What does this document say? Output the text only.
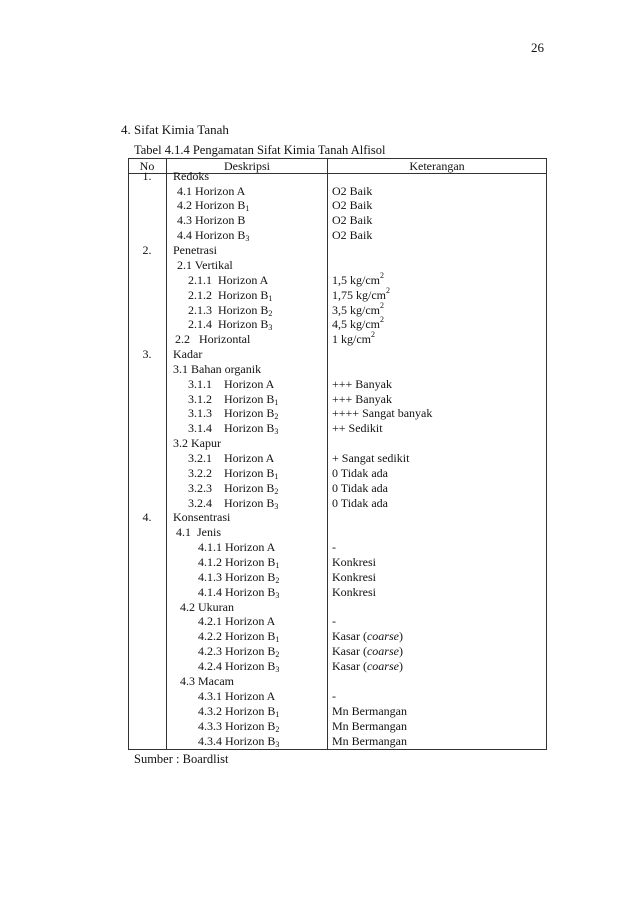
26
4. Sifat Kimia Tanah
Tabel 4.1.4 Pengamatan Sifat Kimia Tanah Alfisol
No	Deskripsi	Keterangan
1.	Redoks
4.1 Horizon A	O2 Baik
4.2 Horizon $B_1$	O2 Baik
4.3 Horizon B	O2 Baik
4.4 Horizon $B_3$	O2 Baik
2.	Penetrasi
2.1 Vertikal
2.1.1  Horizon A	1,5 $kg/cm^2$
2.1.2  Horizon $B_1$	1,75 $kg/cm^2$
2.1.3  Horizon $B_2$	3,5 $kg/cm^2$
2.1.4  Horizon $B_3$	4,5 $kg/cm^2$
2.2   Horizontal	1 $kg/cm^2$
3.	Kadar
3.1 Bahan organik
3.1.1    Horizon A	+++ Banyak
3.1.2    Horizon $B_1$	+++ Banyak
3.1.3    Horizon $B_2$	++++ Sangat banyak
3.1.4    Horizon $B_3$	++ Sedikit
3.2 Kapur
3.2.1    Horizon A	+ Sangat sedikit
3.2.2    Horizon $B_1$	0 Tidak ada
3.2.3    Horizon $B_2$	0 Tidak ada
3.2.4    Horizon $B_3$	0 Tidak ada
4.	Konsentrasi
4.1  Jenis
4.1.1 Horizon A	-
4.1.2 Horizon $B_1$	Konkresi
4.1.3 Horizon $B_2$	Konkresi
4.1.4 Horizon $B_3$	Konkresi
4.2 Ukuran
4.2.1 Horizon A	-
4.2.2 Horizon $B_1$	Kasar (coarse)
4.2.3 Horizon $B_2$	Kasar (coarse)
4.2.4 Horizon $B_3$	Kasar (coarse)
4.3 Macam
4.3.1 Horizon A	-
4.3.2 Horizon $B_1$	Mn Bermangan
4.3.3 Horizon $B_2$	Mn Bermangan
4.3.4 Horizon $B_3$	Mn Bermangan
Sumber : Boardlist
